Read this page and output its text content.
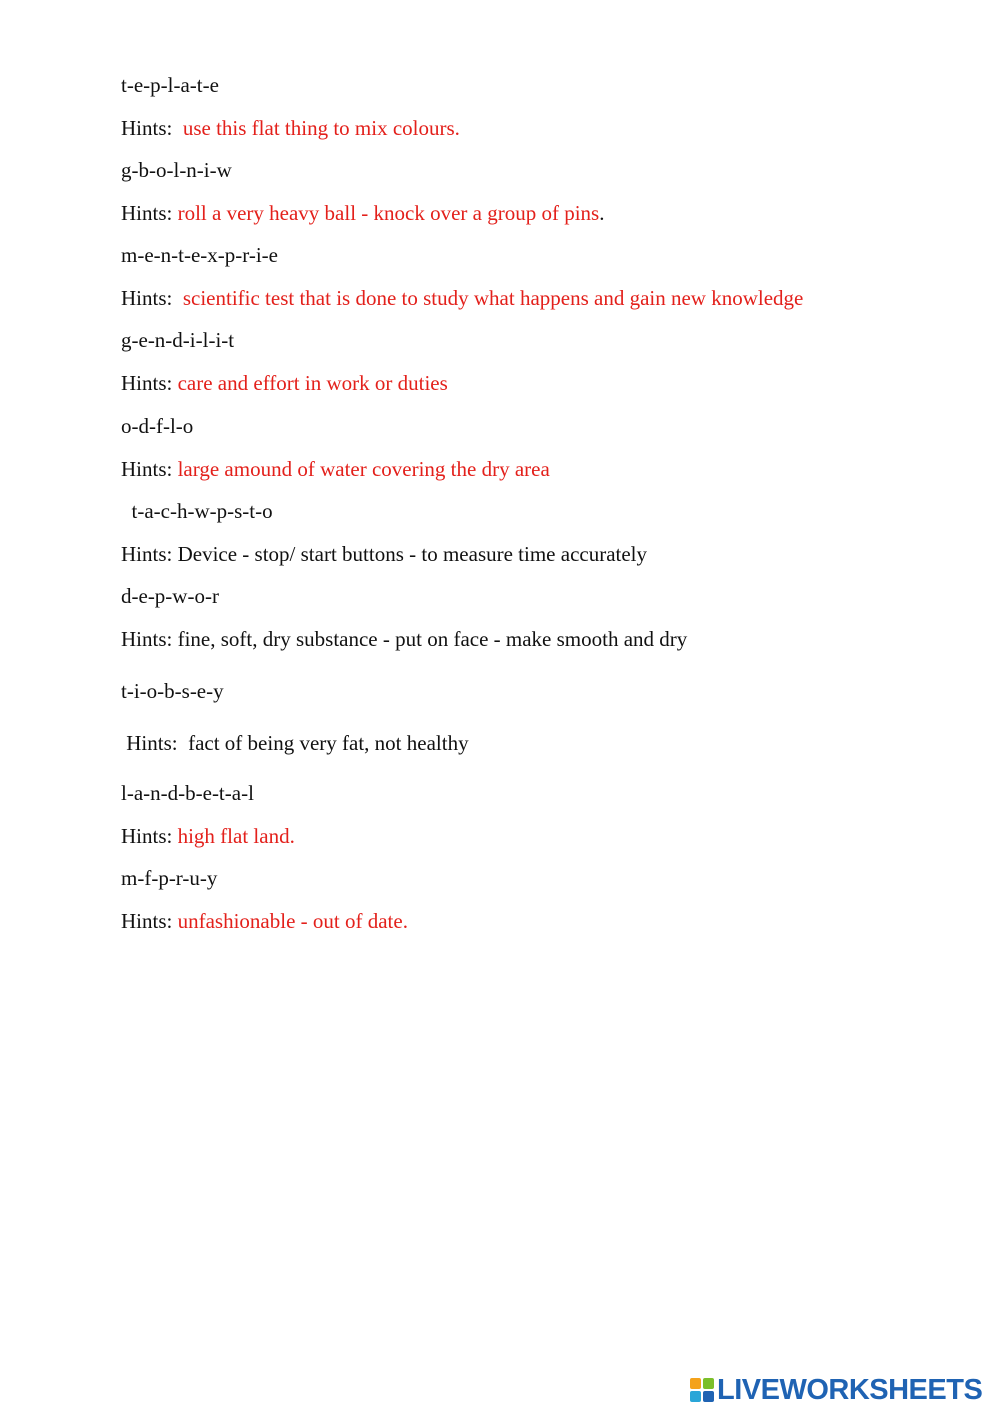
t-e-p-l-a-t-e
Hints:  use this flat thing to mix colours.
g-b-o-l-n-i-w
Hints: roll a very heavy ball - knock over a group of pins.
m-e-n-t-e-x-p-r-i-e
Hints:  scientific test that is done to study what happens and gain new knowledge
g-e-n-d-i-l-i-t
Hints: care and effort in work or duties
o-d-f-l-o
Hints: large amound of water covering the dry area
t-a-c-h-w-p-s-t-o
Hints: Device - stop/ start buttons - to measure time accurately
d-e-p-w-o-r
Hints: fine, soft, dry substance - put on face - make smooth and dry
t-i-o-b-s-e-y
Hints:  fact of being very fat, not healthy
l-a-n-d-b-e-t-a-l
Hints: high flat land.
m-f-p-r-u-y
Hints: unfashionable - out of date.
LIVEWORKSHEETS
